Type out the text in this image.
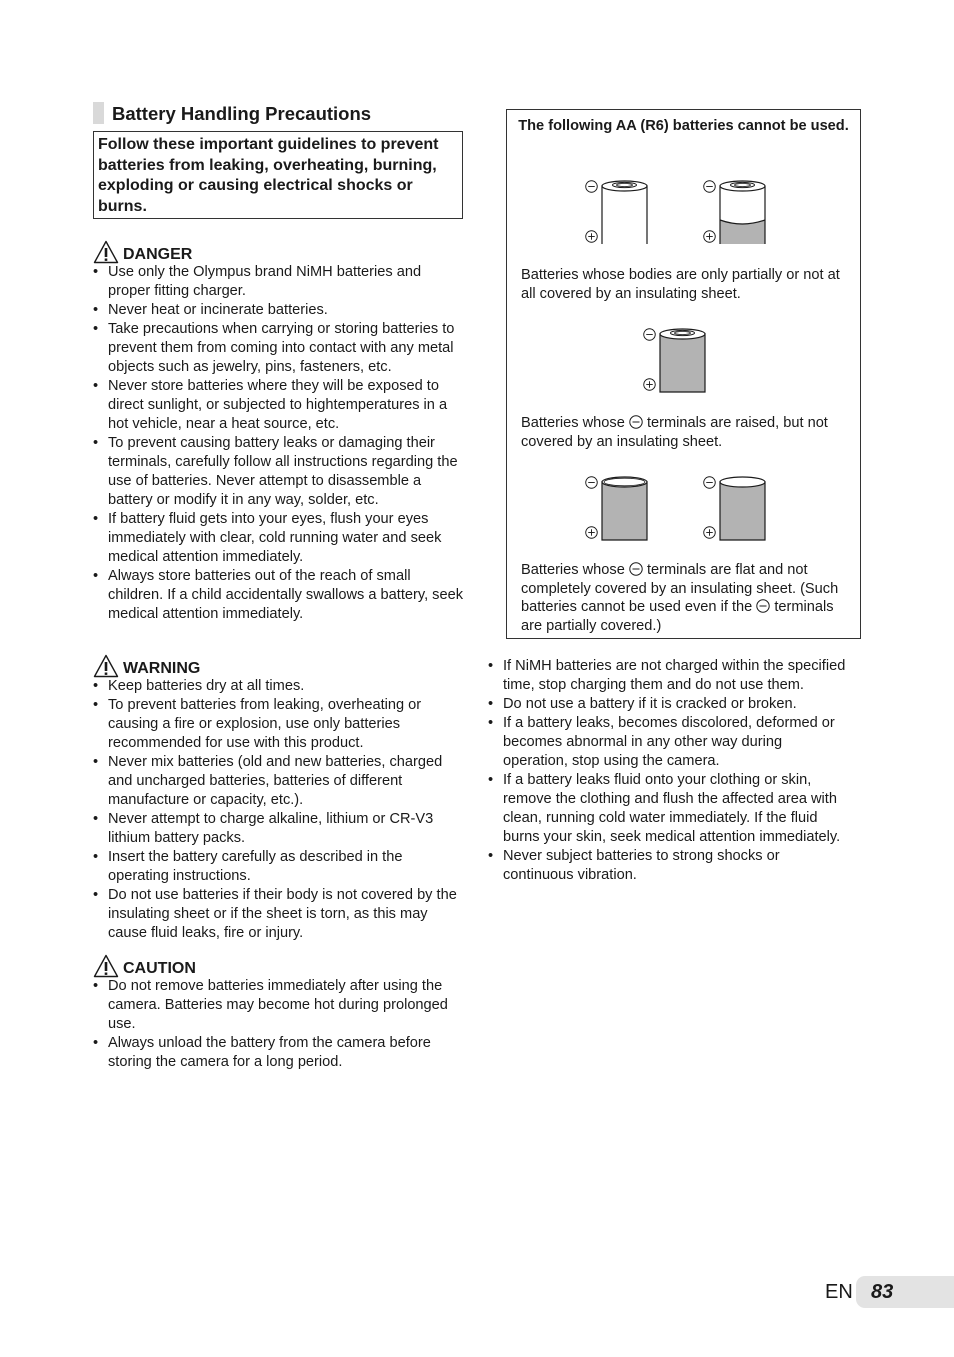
Battery Handling Precautions
Follow these important guidelines to prevent batteries from leaking, overheating, burning, exploding or causing electrical shocks or burns.
DANGER
• Use only the Olympus brand NiMH batteries and proper fitting charger.
• Never heat or incinerate batteries.
• Take precautions when carrying or storing batteries to prevent them from coming into contact with any metal objects such as jewelry, pins, fasteners, etc.
• Never store batteries where they will be exposed to direct sunlight, or subjected to hightemperatures in a hot vehicle, near a heat source, etc.
• To prevent causing battery leaks or damaging their terminals, carefully follow all instructions regarding the use of batteries. Never attempt to disassemble a battery or modify it in any way, solder, etc.
• If battery fluid gets into your eyes, flush your eyes immediately with clear, cold running water and seek medical attention immediately.
• Always store batteries out of the reach of small children. If a child accidentally swallows a battery, seek medical attention immediately.
WARNING
• Keep batteries dry at all times.
• To prevent batteries from leaking, overheating or causing a fire or explosion, use only batteries recommended for use with this product.
• Never mix batteries (old and new batteries, charged and uncharged batteries, batteries of different manufacture or capacity, etc.).
• Never attempt to charge alkaline, lithium or CR-V3 lithium battery packs.
• Insert the battery carefully as described in the operating instructions.
• Do not use batteries if their body is not covered by the insulating sheet or if the sheet is torn, as this may cause fluid leaks, fire or injury.
CAUTION
• Do not remove batteries immediately after using the camera. Batteries may become hot during prolonged use.
• Always unload the battery from the camera before storing the camera for a long period.
The following AA (R6) batteries cannot be used.
Batteries whose bodies are only partially or not at all covered by an insulating sheet.
Batteries whose terminals are raised, but not covered by an insulating sheet.
Batteries whose terminals are flat and not completely covered by an insulating sheet. (Such batteries cannot be used even if the terminals are partially covered.)
• If NiMH batteries are not charged within the specified time, stop charging them and do not use them.
• Do not use a battery if it is cracked or broken.
• If a battery leaks, becomes discolored, deformed or becomes abnormal in any other way during operation, stop using the camera.
• If a battery leaks fluid onto your clothing or skin, remove the clothing and flush the affected area with clean, running cold water immediately. If the fluid burns your skin, seek medical attention immediately.
• Never subject batteries to strong shocks or continuous vibration.
EN 83
